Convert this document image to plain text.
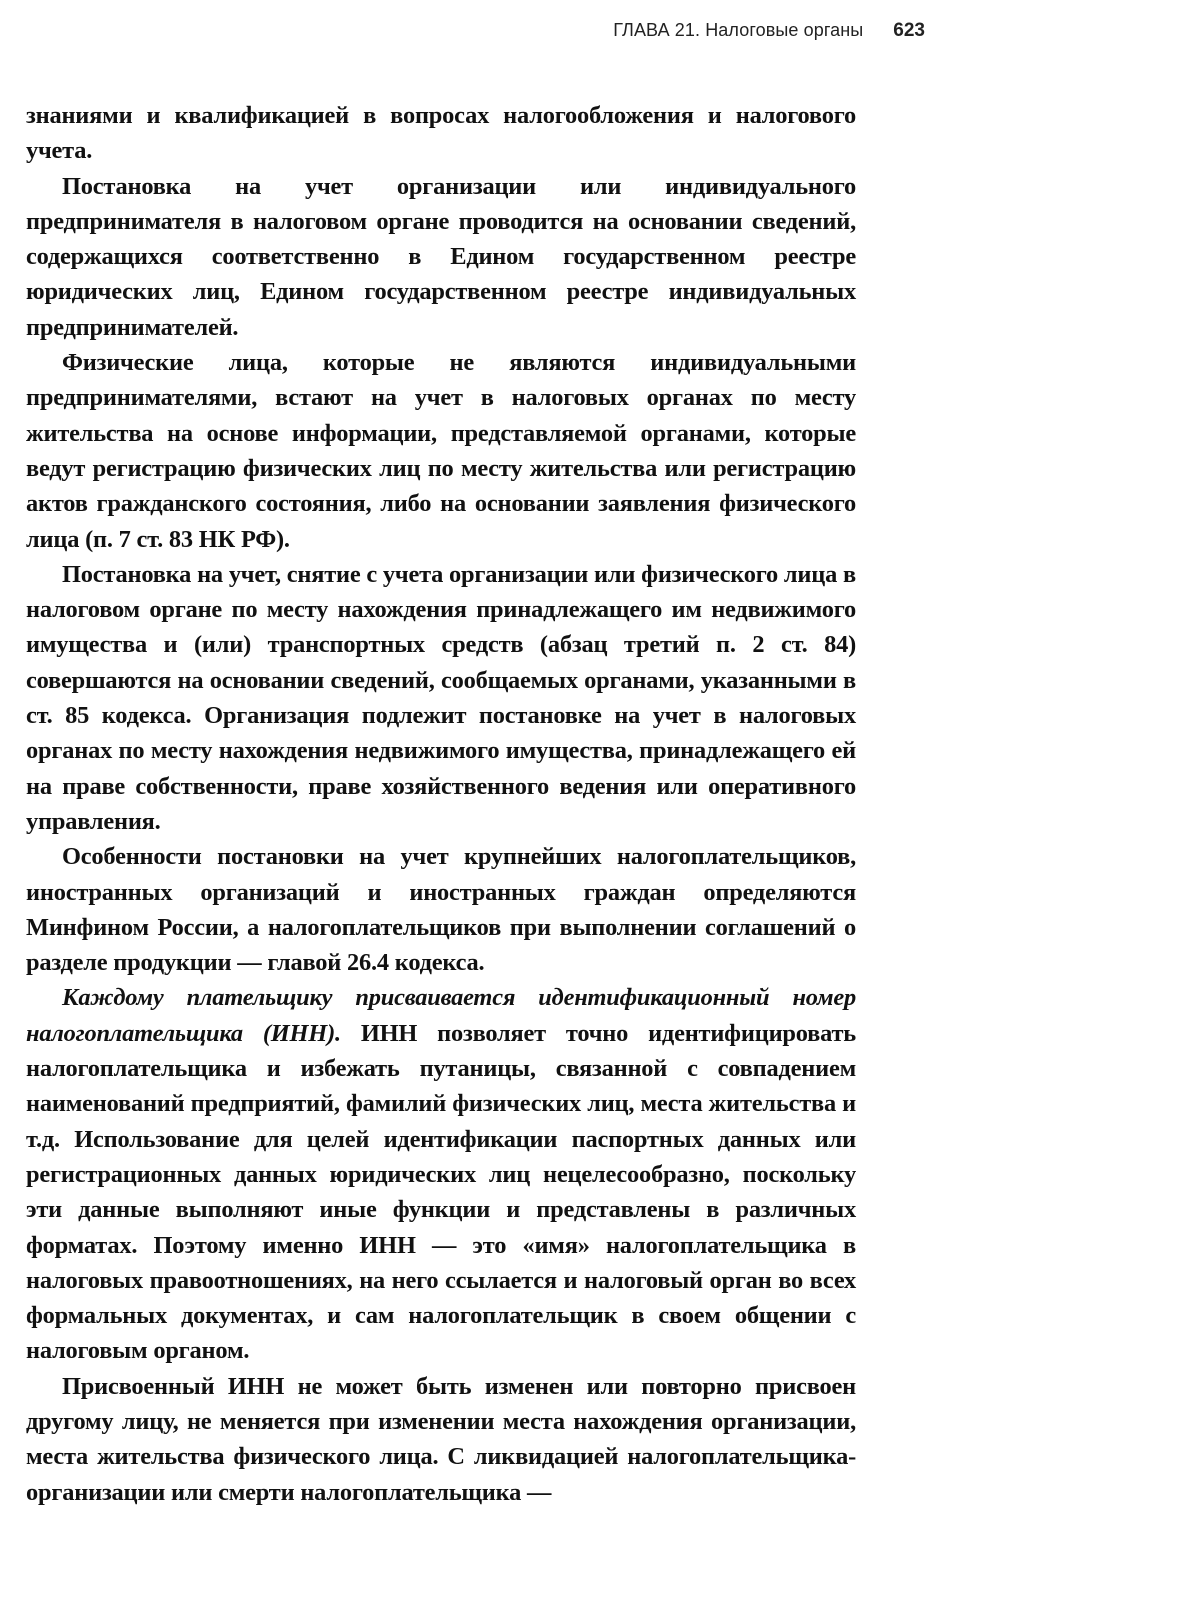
ГЛАВА 21. Налоговые органы 623

знаниями и квалификацией в вопросах налогообложения и налогового учета.

Постановка на учет организации или индивидуального предпринимателя в налоговом органе проводится на основании сведений, содержащихся соответственно в Едином государственном реестре юридических лиц, Едином государственном реестре индивидуальных предпринимателей.

Физические лица, которые не являются индивидуальными предпринимателями, встают на учет в налоговых органах по месту жительства на основе информации, представляемой органами, которые ведут регистрацию физических лиц по месту жительства или регистрацию актов гражданского состояния, либо на основании заявления физического лица (п. 7 ст. 83 НК РФ).

Постановка на учет, снятие с учета организации или физического лица в налоговом органе по месту нахождения принадлежащего им недвижимого имущества и (или) транспортных средств (абзац третий п. 2 ст. 84) совершаются на основании сведений, сообщаемых органами, указанными в ст. 85 кодекса. Организация подлежит постановке на учет в налоговых органах по месту нахождения недвижимого имущества, принадлежащего ей на праве собственности, праве хозяйственного ведения или оперативного управления.

Особенности постановки на учет крупнейших налогоплательщиков, иностранных организаций и иностранных граждан определяются Минфином России, а налогоплательщиков при выполнении соглашений о разделе продукции — главой 26.4 кодекса.

Каждому плательщику присваивается идентификационный номер налогоплательщика (ИНН). ИНН позволяет точно идентифицировать налогоплательщика и избежать путаницы, связанной с совпадением наименований предприятий, фамилий физических лиц, места жительства и т.д. Использование для целей идентификации паспортных данных или регистрационных данных юридических лиц нецелесообразно, поскольку эти данные выполняют иные функции и представлены в различных форматах. Поэтому именно ИНН — это «имя» налогоплательщика в налоговых правоотношениях, на него ссылается и налоговый орган во всех формальных документах, и сам налогоплательщик в своем общении с налоговым органом.

Присвоенный ИНН не может быть изменен или повторно присвоен другому лицу, не меняется при изменении места нахождения организации, места жительства физического лица. С ликвидацией налогоплательщика-организации или смерти налогоплательщика —
